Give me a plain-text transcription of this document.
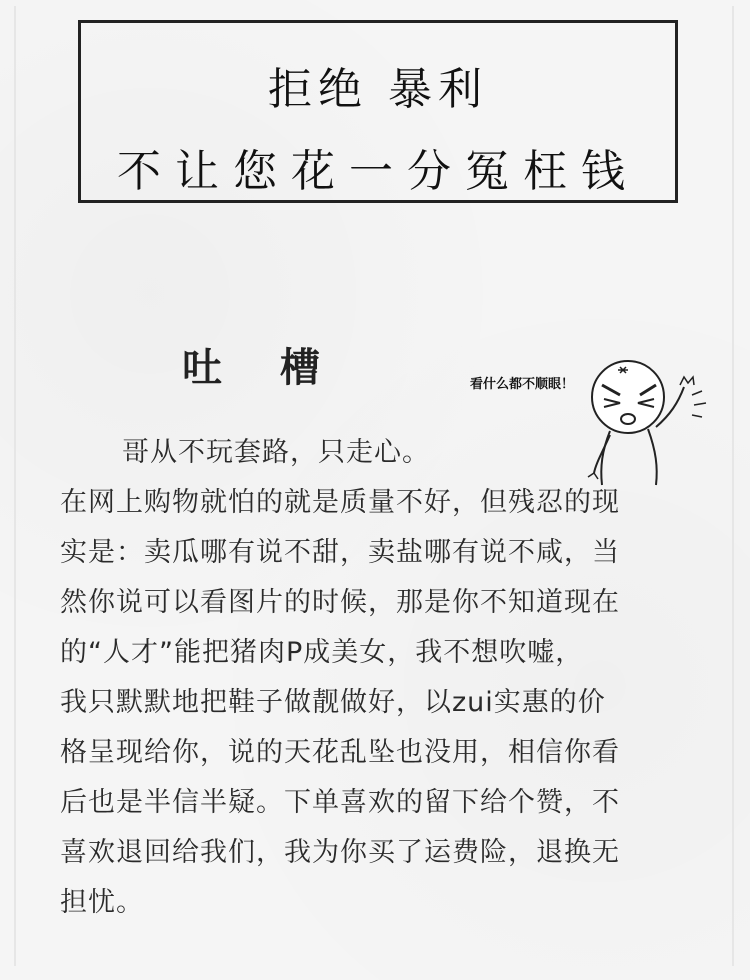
拒绝 暴利
不让您花一分冤枉钱
吐 槽	看什么都不顺眼！
哥从不玩套路，只走心。
在网上购物就怕的就是质量不好，但残忍的现
实是：卖瓜哪有说不甜，卖盐哪有说不咸，当
然你说可以看图片的时候，那是你不知道现在
的“人才”能把猪肉P成美女，我不想吹嘘，
我只默默地把鞋子做靓做好，以zui实惠的价
格呈现给你，说的天花乱坠也没用，相信你看
后也是半信半疑。下单喜欢的留下给个赞，不
喜欢退回给我们，我为你买了运费险，退换无
担忧。
